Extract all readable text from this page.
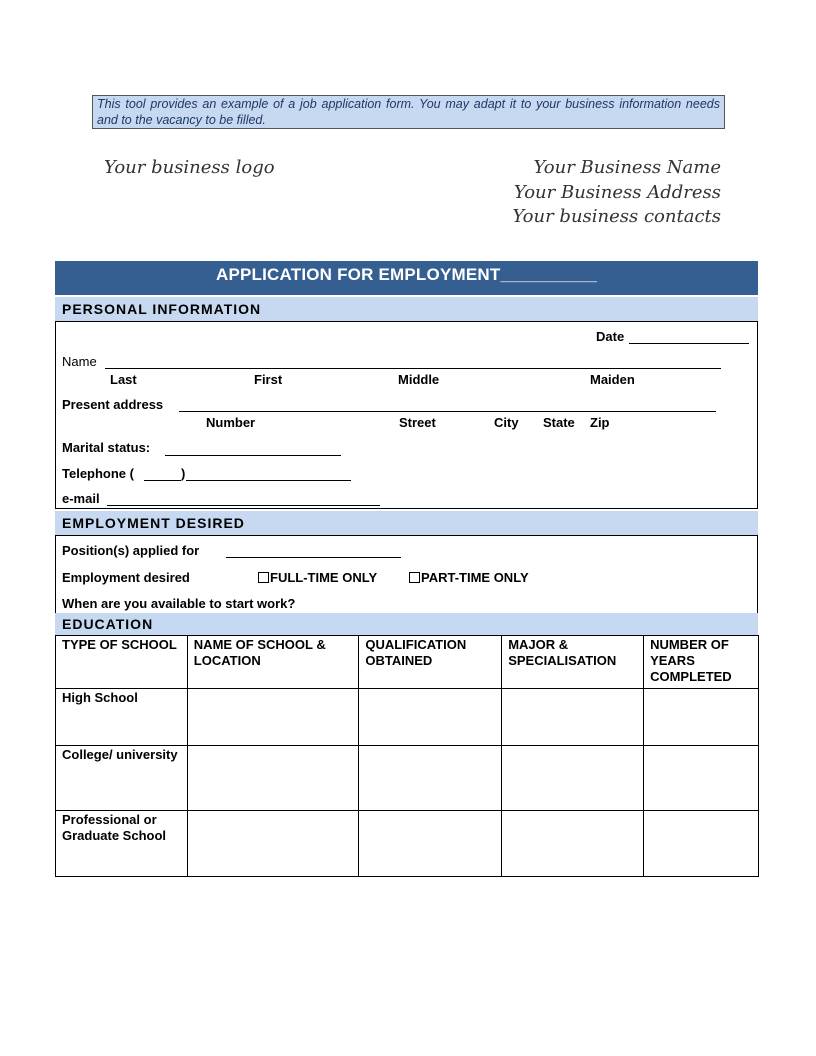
This tool provides an example of a job application form. You may adapt it to your business information needs and to the vacancy to be filled.
Your business logo	Your Business Name
Your Business Address
Your business contacts
APPLICATION FOR EMPLOYMENT__________
PERSONAL INFORMATION
Date
Name
Last	First	Middle	Maiden
Present address
Number	Street	City State Zip
Marital status:
Telephone (	)
e-mail
EMPLOYMENT DESIRED
Position(s) applied for
Employment desired	FULL-TIME ONLY	PART-TIME ONLY
When are you available to start work?
EDUCATION
TYPE OF SCHOOL	NAME OF SCHOOL & LOCATION	QUALIFICATION OBTAINED	MAJOR & SPECIALISATION	NUMBER OF YEARS COMPLETED
High School				
College/ university				
Professional or Graduate School				
